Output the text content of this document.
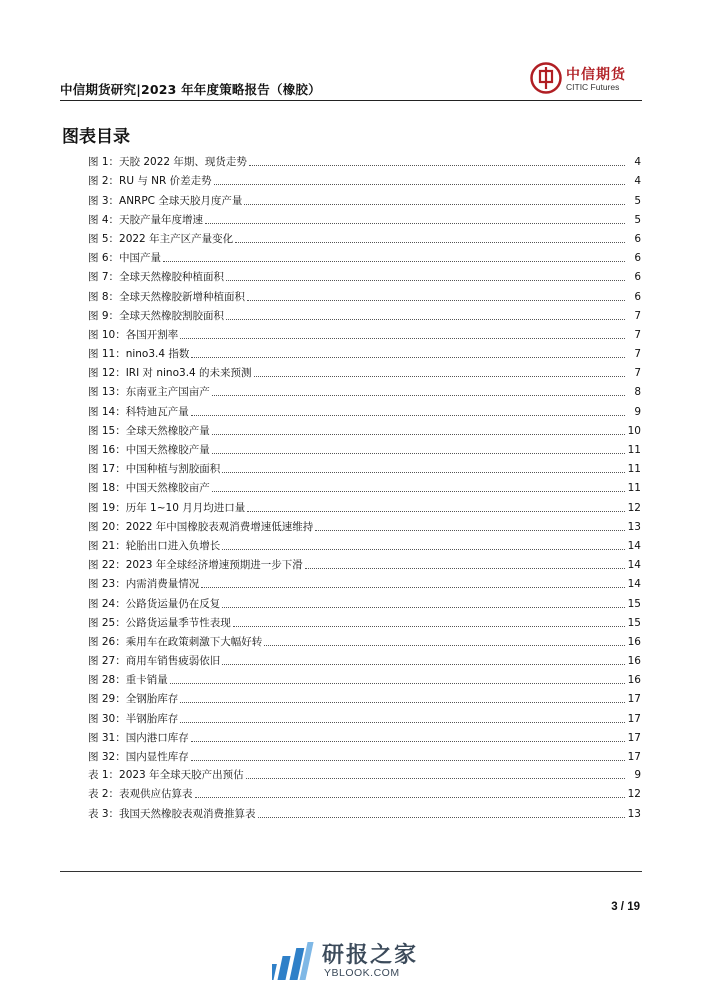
中信期货研究|2023 年年度策略报告（橡胶）
中信期货
CITIC Futures
图表目录
图 1：天胶 2022 年期、现货走势	4
图 2：RU 与 NR 价差走势	4
图 3：ANRPC 全球天胶月度产量	5
图 4：天胶产量年度增速	5
图 5：2022 年主产区产量变化	6
图 6：中国产量	6
图 7：全球天然橡胶种植面积	6
图 8：全球天然橡胶新增种植面积	6
图 9：全球天然橡胶割胶面积	7
图 10：各国开割率	7
图 11：nino3.4 指数	7
图 12：IRI 对 nino3.4 的未来预测	7
图 13：东南亚主产国亩产	8
图 14：科特迪瓦产量	9
图 15：全球天然橡胶产量	10
图 16：中国天然橡胶产量	11
图 17：中国种植与割胶面积	11
图 18：中国天然橡胶亩产	11
图 19：历年 1~10 月月均进口量	12
图 20：2022 年中国橡胶表观消费增速低速维持	13
图 21：轮胎出口进入负增长	14
图 22：2023 年全球经济增速预期进一步下滑	14
图 23：内需消费量情况	14
图 24：公路货运量仍在反复	15
图 25：公路货运量季节性表现	15
图 26：乘用车在政策刺激下大幅好转	16
图 27：商用车销售疲弱依旧	16
图 28：重卡销量	16
图 29：全钢胎库存	17
图 30：半钢胎库存	17
图 31：国内港口库存	17
图 32：国内显性库存	17
表 1：2023 年全球天胶产出预估	9
表 2：表观供应估算表	12
表 3：我国天然橡胶表观消费推算表	13
3 / 19
研报之家
YBLOOK.COM
